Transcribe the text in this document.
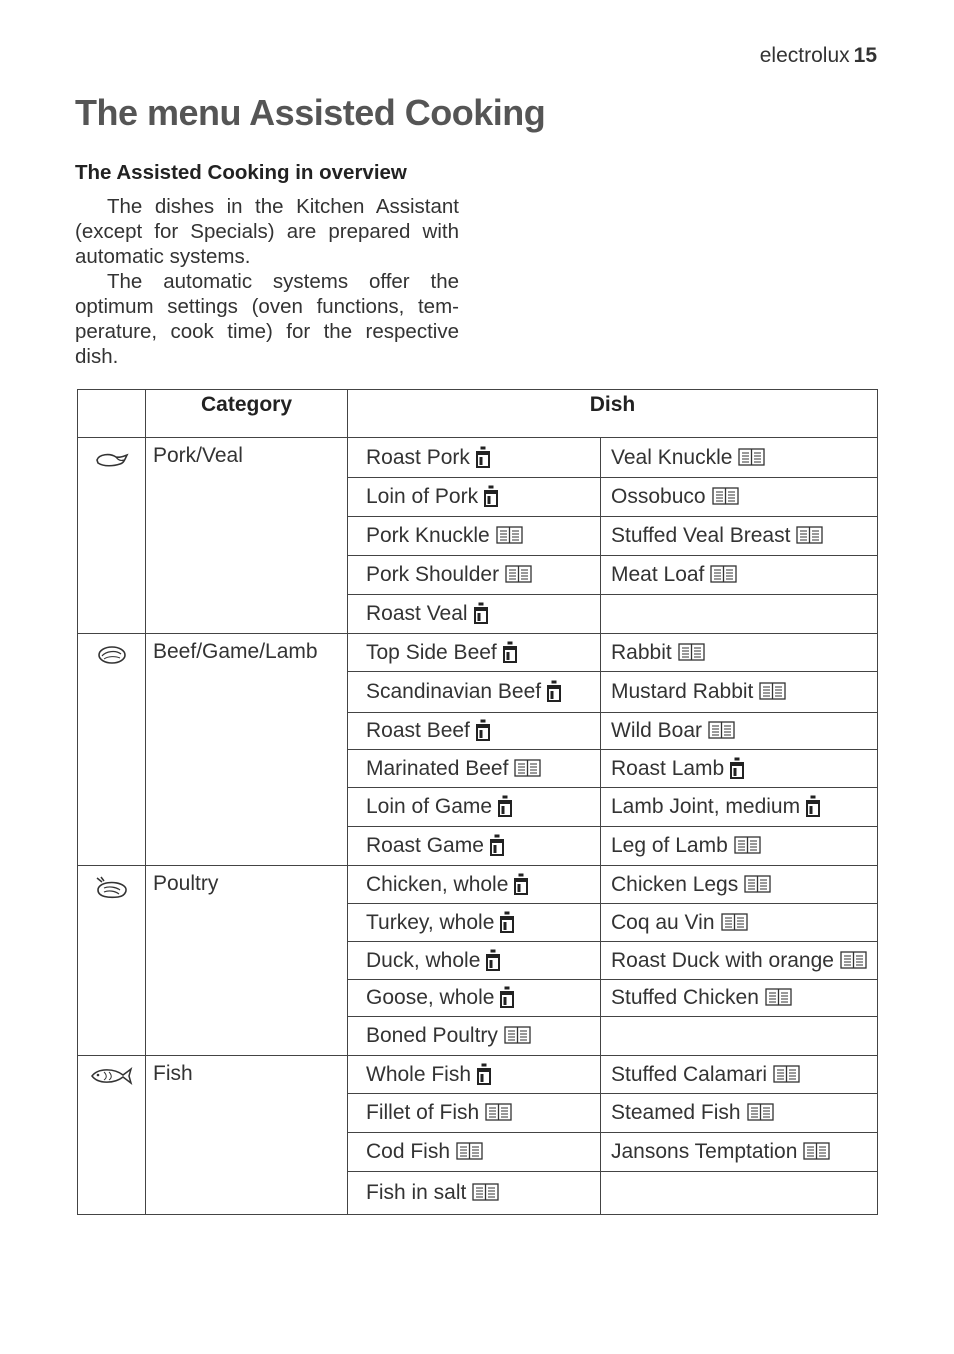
electrolux 15
The menu Assisted Cooking
The Assisted Cooking in overview

The dishes in the Kitchen Assistant (except for Specials) are prepared with automatic systems.

The automatic systems offer the optimum settings (oven functions, tem-perature, cook time) for the respective dish.

	Category	Dish	
	Pork/Veal	Roast Pork	Veal Knuckle

		Loin of Pork	Ossobuco

		Pork Knuckle	Stuffed Veal Breast

		Pork Shoulder	Meat Loaf

		Roast Veal

	Beef/Game/Lamb	Top Side Beef	Rabbit

		Scandinavian Beef	Mustard Rabbit

		Roast Beef	Wild Boar

		Marinated Beef	Roast Lamb

		Loin of Game	Lamb Joint, medium

		Roast Game	Leg of Lamb

	Poultry	Chicken, whole	Chicken Legs

		Turkey, whole	Coq au Vin

		Duck, whole	Roast Duck with orange

		Goose, whole	Stuffed Chicken

		Boned Poultry

	Fish	Whole Fish	Stuffed Calamari

		Fillet of Fish	Steamed Fish

		Cod Fish	Jansons Temptation

		Fish in salt
